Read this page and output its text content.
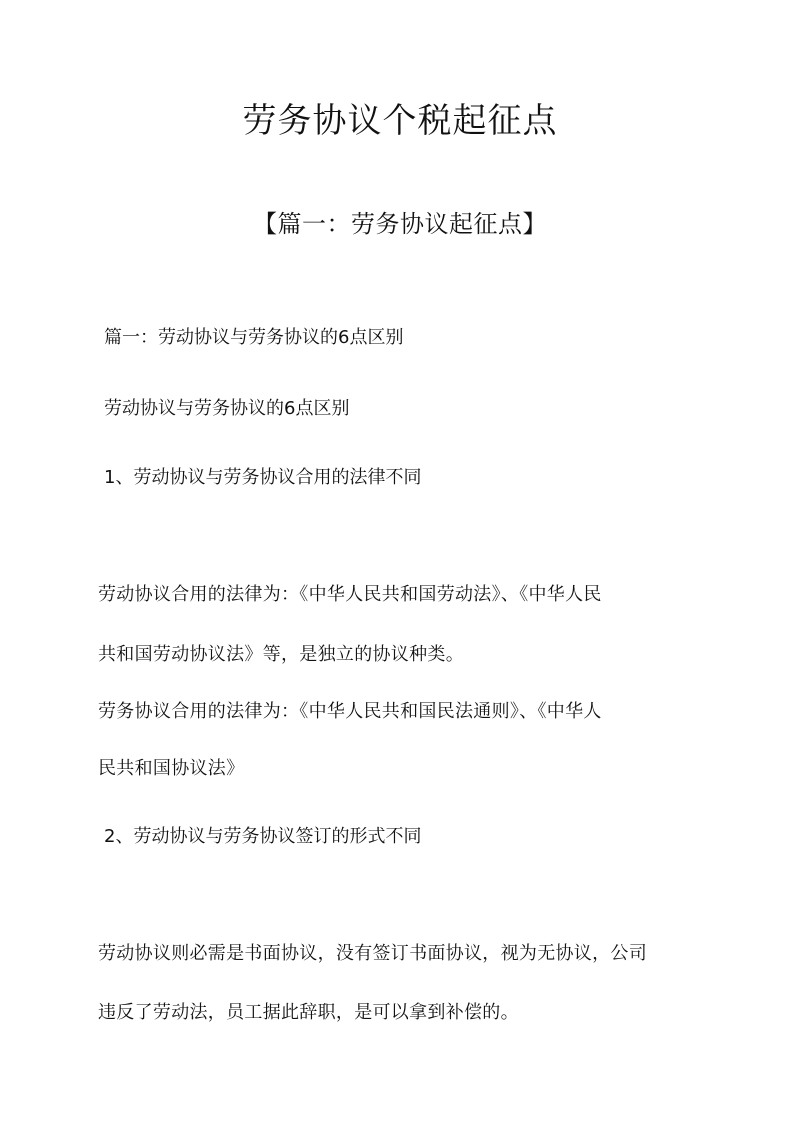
劳务协议个税起征点
【篇一：劳务协议起征点】
篇一：劳动协议与劳务协议的6点区别
劳动协议与劳务协议的6点区别
1、劳动协议与劳务协议合用的法律不同
劳动协议合用的法律为：《中华人民共和国劳动法》、《中华人民
共和国劳动协议法》等，是独立的协议种类。
劳务协议合用的法律为：《中华人民共和国民法通则》、《中华人
民共和国协议法》
2、劳动协议与劳务协议签订的形式不同
劳动协议则必需是书面协议，没有签订书面协议，视为无协议，公司
违反了劳动法，员工据此辞职，是可以拿到补偿的。
